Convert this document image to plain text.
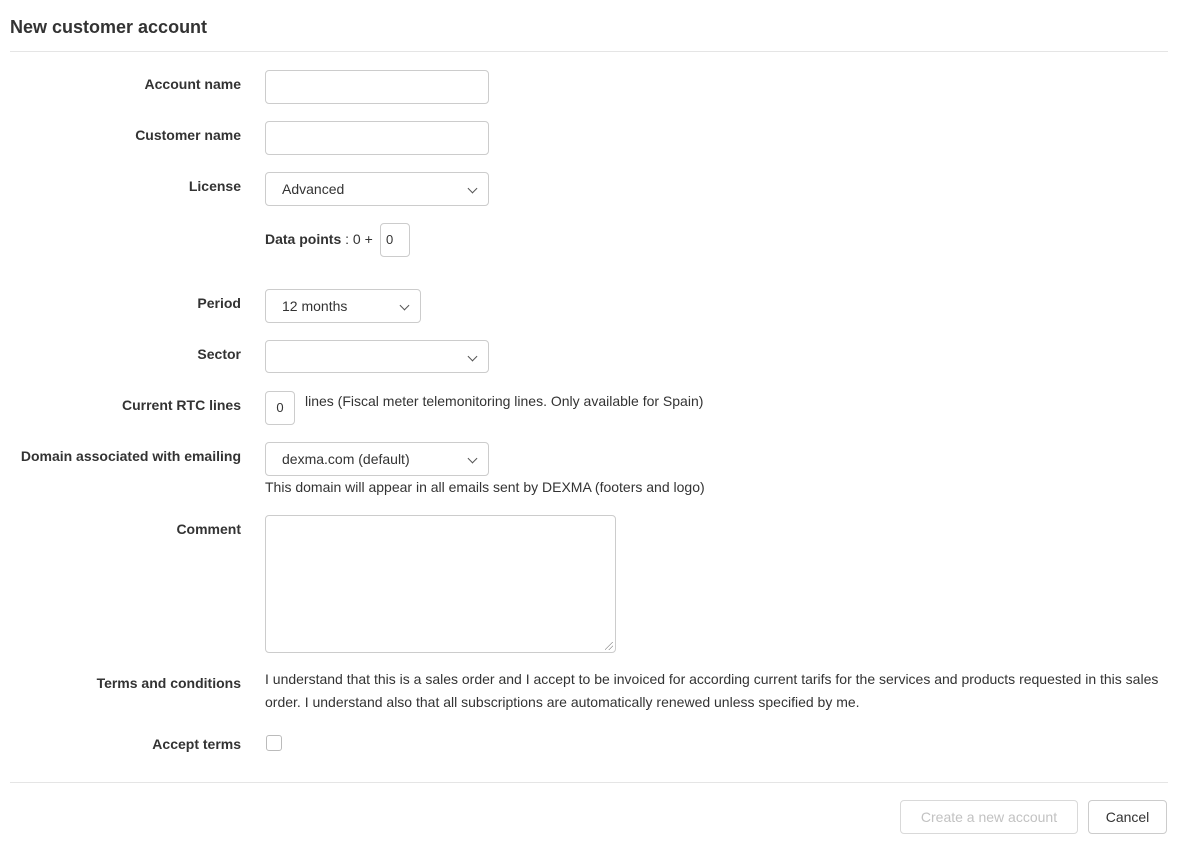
New customer account
Account name
Customer name
License	Advanced
Data points : 0 +	0
Period	12 months
Sector
Current RTC lines	0	lines (Fiscal meter telemonitoring lines. Only available for Spain)
Domain associated with emailing	dexma.com (default)
This domain will appear in all emails sent by DEXMA (footers and logo)
Comment
Terms and conditions I understand that this is a sales order and I accept to be invoiced for according current tarifs for the services and products requested in this sales order. I understand also that all subscriptions are automatically renewed unless specified by me.
Accept terms
Create a new account	Cancel
